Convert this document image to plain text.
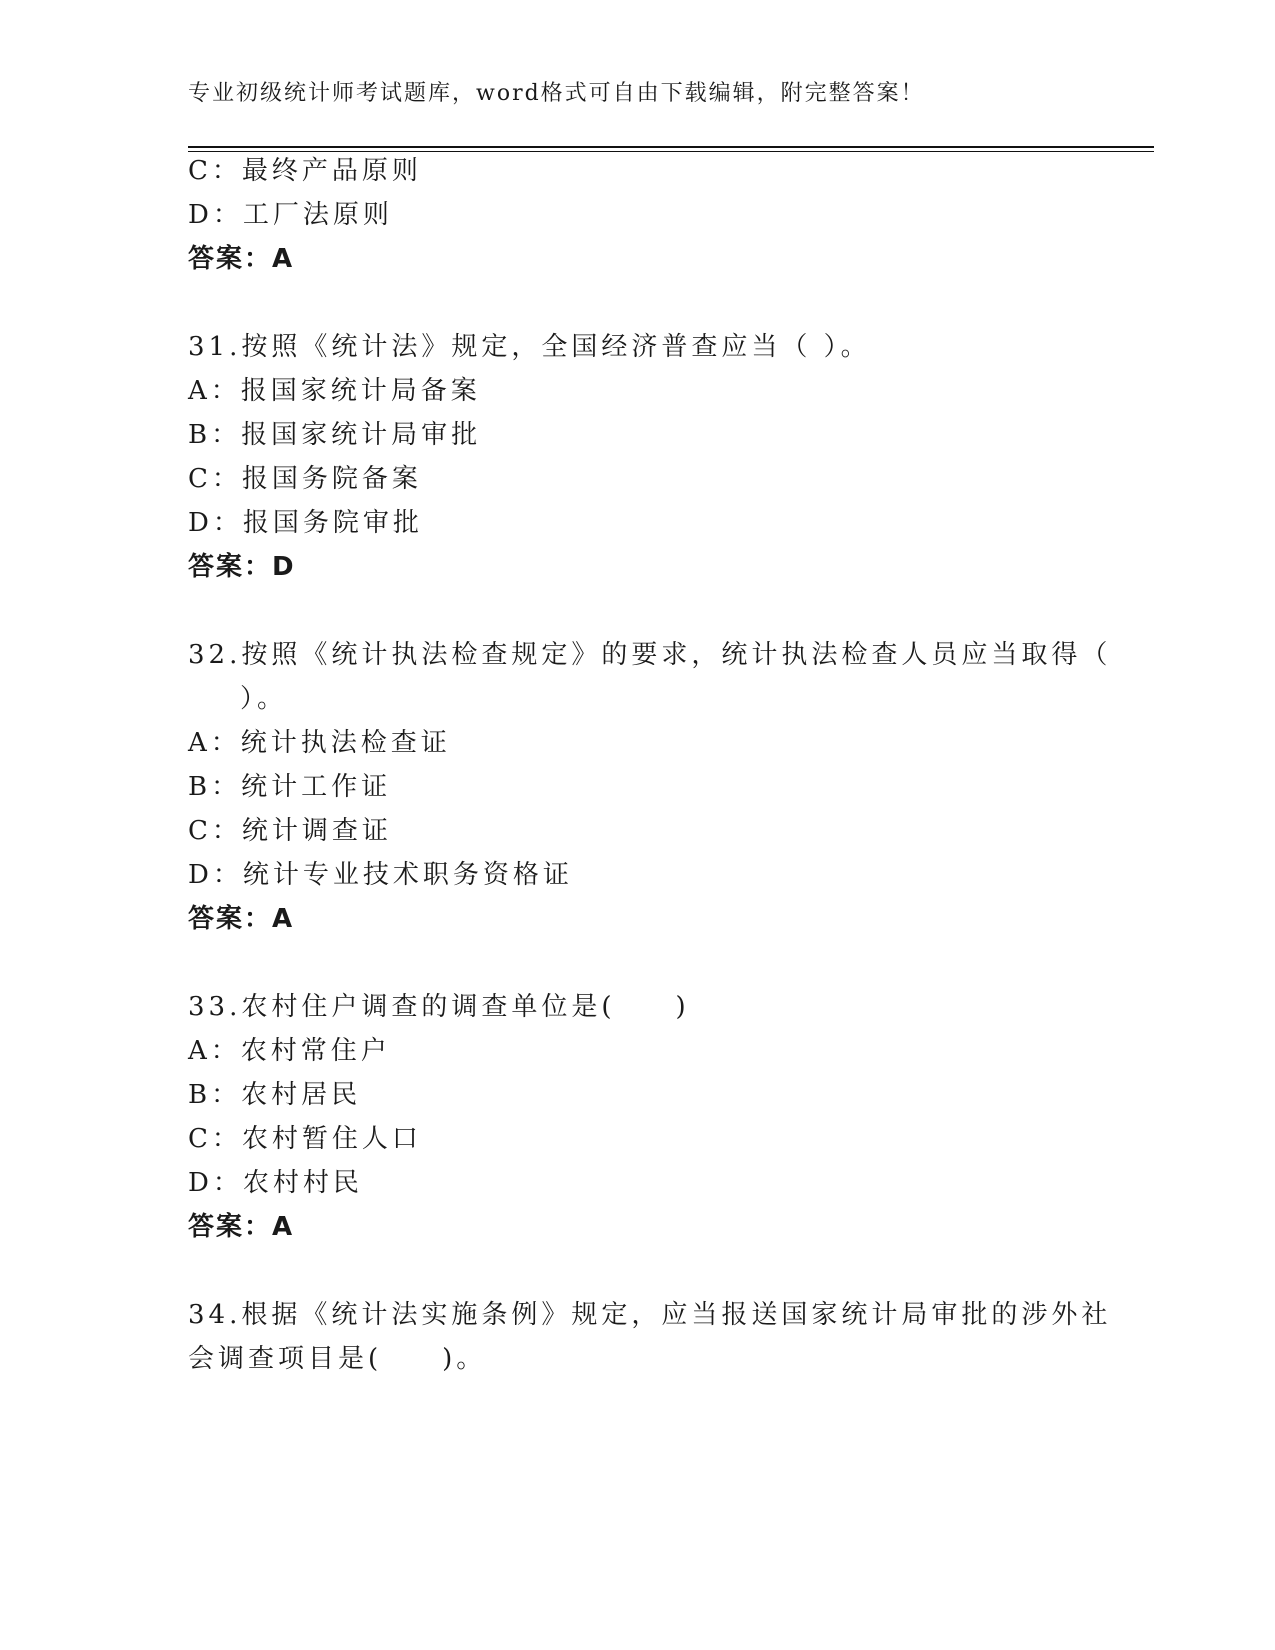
专业初级统计师考试题库，word格式可自由下载编辑，附完整答案！
C：最终产品原则
D：工厂法原则
答案：A
31.按照《统计法》规定，全国经济普查应当（ ）。
A：报国家统计局备案
B：报国家统计局审批
C：报国务院备案
D：报国务院审批
答案：D
32.按照《统计执法检查规定》的要求，统计执法检查人员应当取得（
）。
A：统计执法检查证
B：统计工作证
C：统计调查证
D：统计专业技术职务资格证
答案：A
33.农村住户调查的调查单位是(　　)
A：农村常住户
B：农村居民
C：农村暂住人口
D：农村村民
答案：A
34.根据《统计法实施条例》规定，应当报送国家统计局审批的涉外社
会调查项目是(　　)。
